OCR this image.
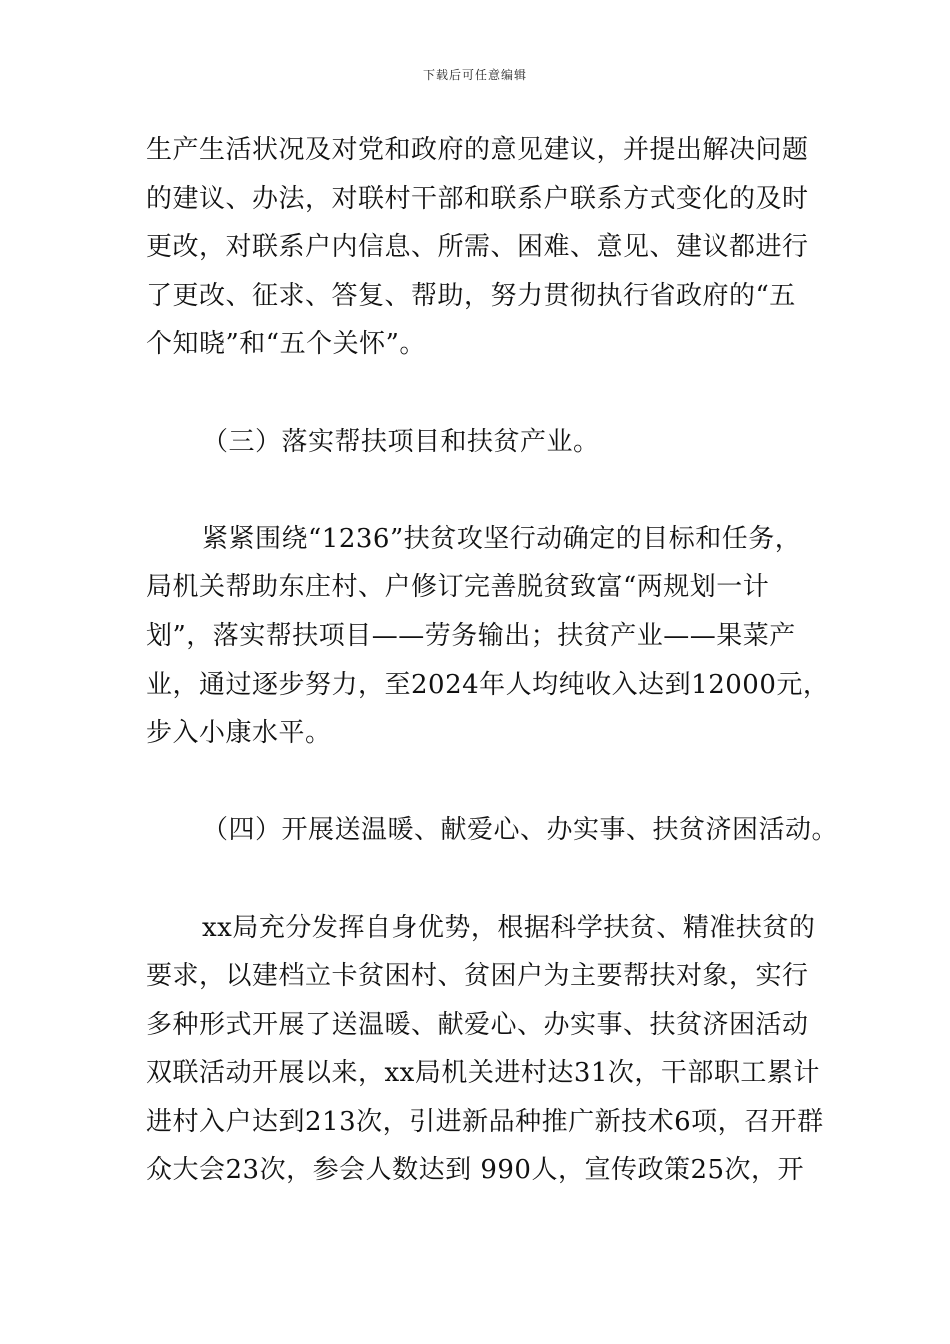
下载后可任意编辑
生产生活状况及对党和政府的意见建议，并提出解决问题
的建议、办法，对联村干部和联系户联系方式变化的及时
更改，对联系户内信息、所需、困难、意见、建议都进行
了更改、征求、答复、帮助，努力贯彻执行省政府的“五
个知晓”和“五个关怀”。
（三）落实帮扶项目和扶贫产业。
紧紧围绕“1236”扶贫攻坚行动确定的目标和任务，
局机关帮助东庄村、户修订完善脱贫致富“两规划一计
划”，落实帮扶项目——劳务输出；扶贫产业——果菜产
业，通过逐步努力，至2024年人均纯收入达到12000元，
步入小康水平。
（四）开展送温暖、献爱心、办实事、扶贫济困活动。
xx局充分发挥自身优势，根据科学扶贫、精准扶贫的
要求，以建档立卡贫困村、贫困户为主要帮扶对象，实行
多种形式开展了送温暖、献爱心、办实事、扶贫济困活动
双联活动开展以来，xx局机关进村达31次，干部职工累计
进村入户达到213次，引进新品种推广新技术6项，召开群
众大会23次，参会人数达到 990人，宣传政策25次，开
